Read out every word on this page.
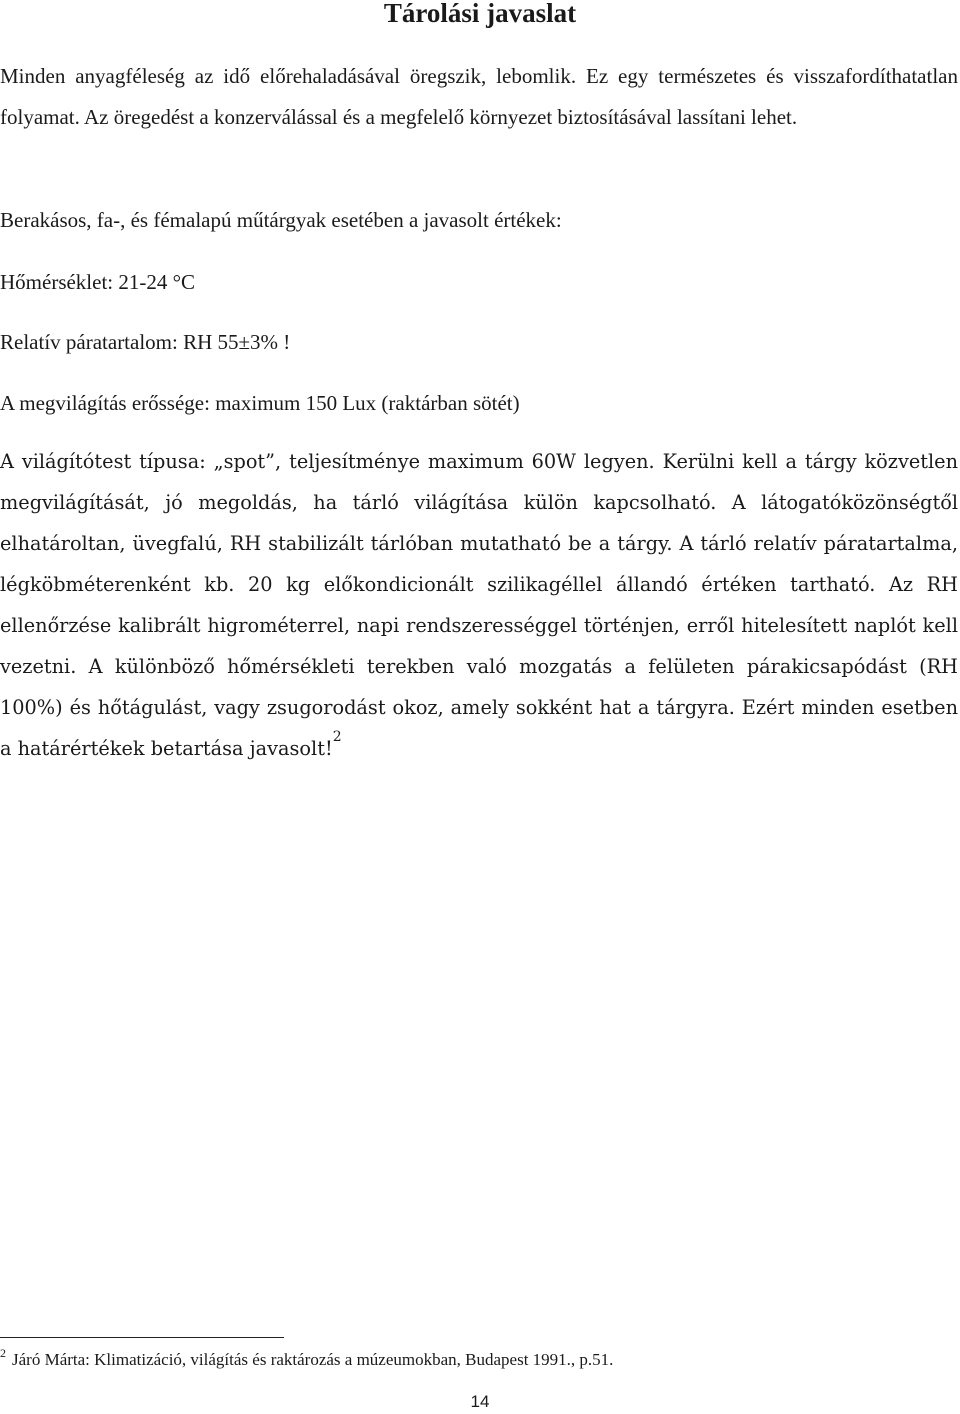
Tárolási javaslat

Minden anyagféleség az idő előrehaladásával öregszik, lebomlik. Ez egy természetes és visszafordíthatatlan folyamat. Az öregedést a konzerválással és a megfelelő környezet biztosításával lassítani lehet.

Berakásos, fa-, és fémalapú műtárgyak esetében a javasolt értékek:

Hőmérséklet: 21-24 °C

Relatív páratartalom: RH 55±3% !

A megvilágítás erőssége: maximum 150 Lux (raktárban sötét)

A világítótest típusa: „spot”, teljesítménye maximum 60W legyen. Kerülni kell a tárgy közvetlen megvilágítását, jó megoldás, ha tárló világítása külön kapcsolható. A látogatóközönségtől elhatároltan, üvegfalú, RH stabilizált tárlóban mutatható be a tárgy. A tárló relatív páratartalma, légköbméterenként kb. 20 kg előkondicionált szilikagéllel állandó értéken tartható. Az RH ellenőrzése kalibrált higrométerrel, napi rendszerességgel történjen, erről hitelesített naplót kell vezetni. A különböző hőmérsékleti terekben való mozgatás a felületen párakicsapódást (RH 100%) és hőtágulást, vagy zsugorodást okoz, amely sokként hat a tárgyra. Ezért minden esetben a határértékek betartása javasolt!$^2$

$^2$ Járó Márta: Klimatizáció, világítás és raktározás a múzeumokban, Budapest 1991., p.51.
14
